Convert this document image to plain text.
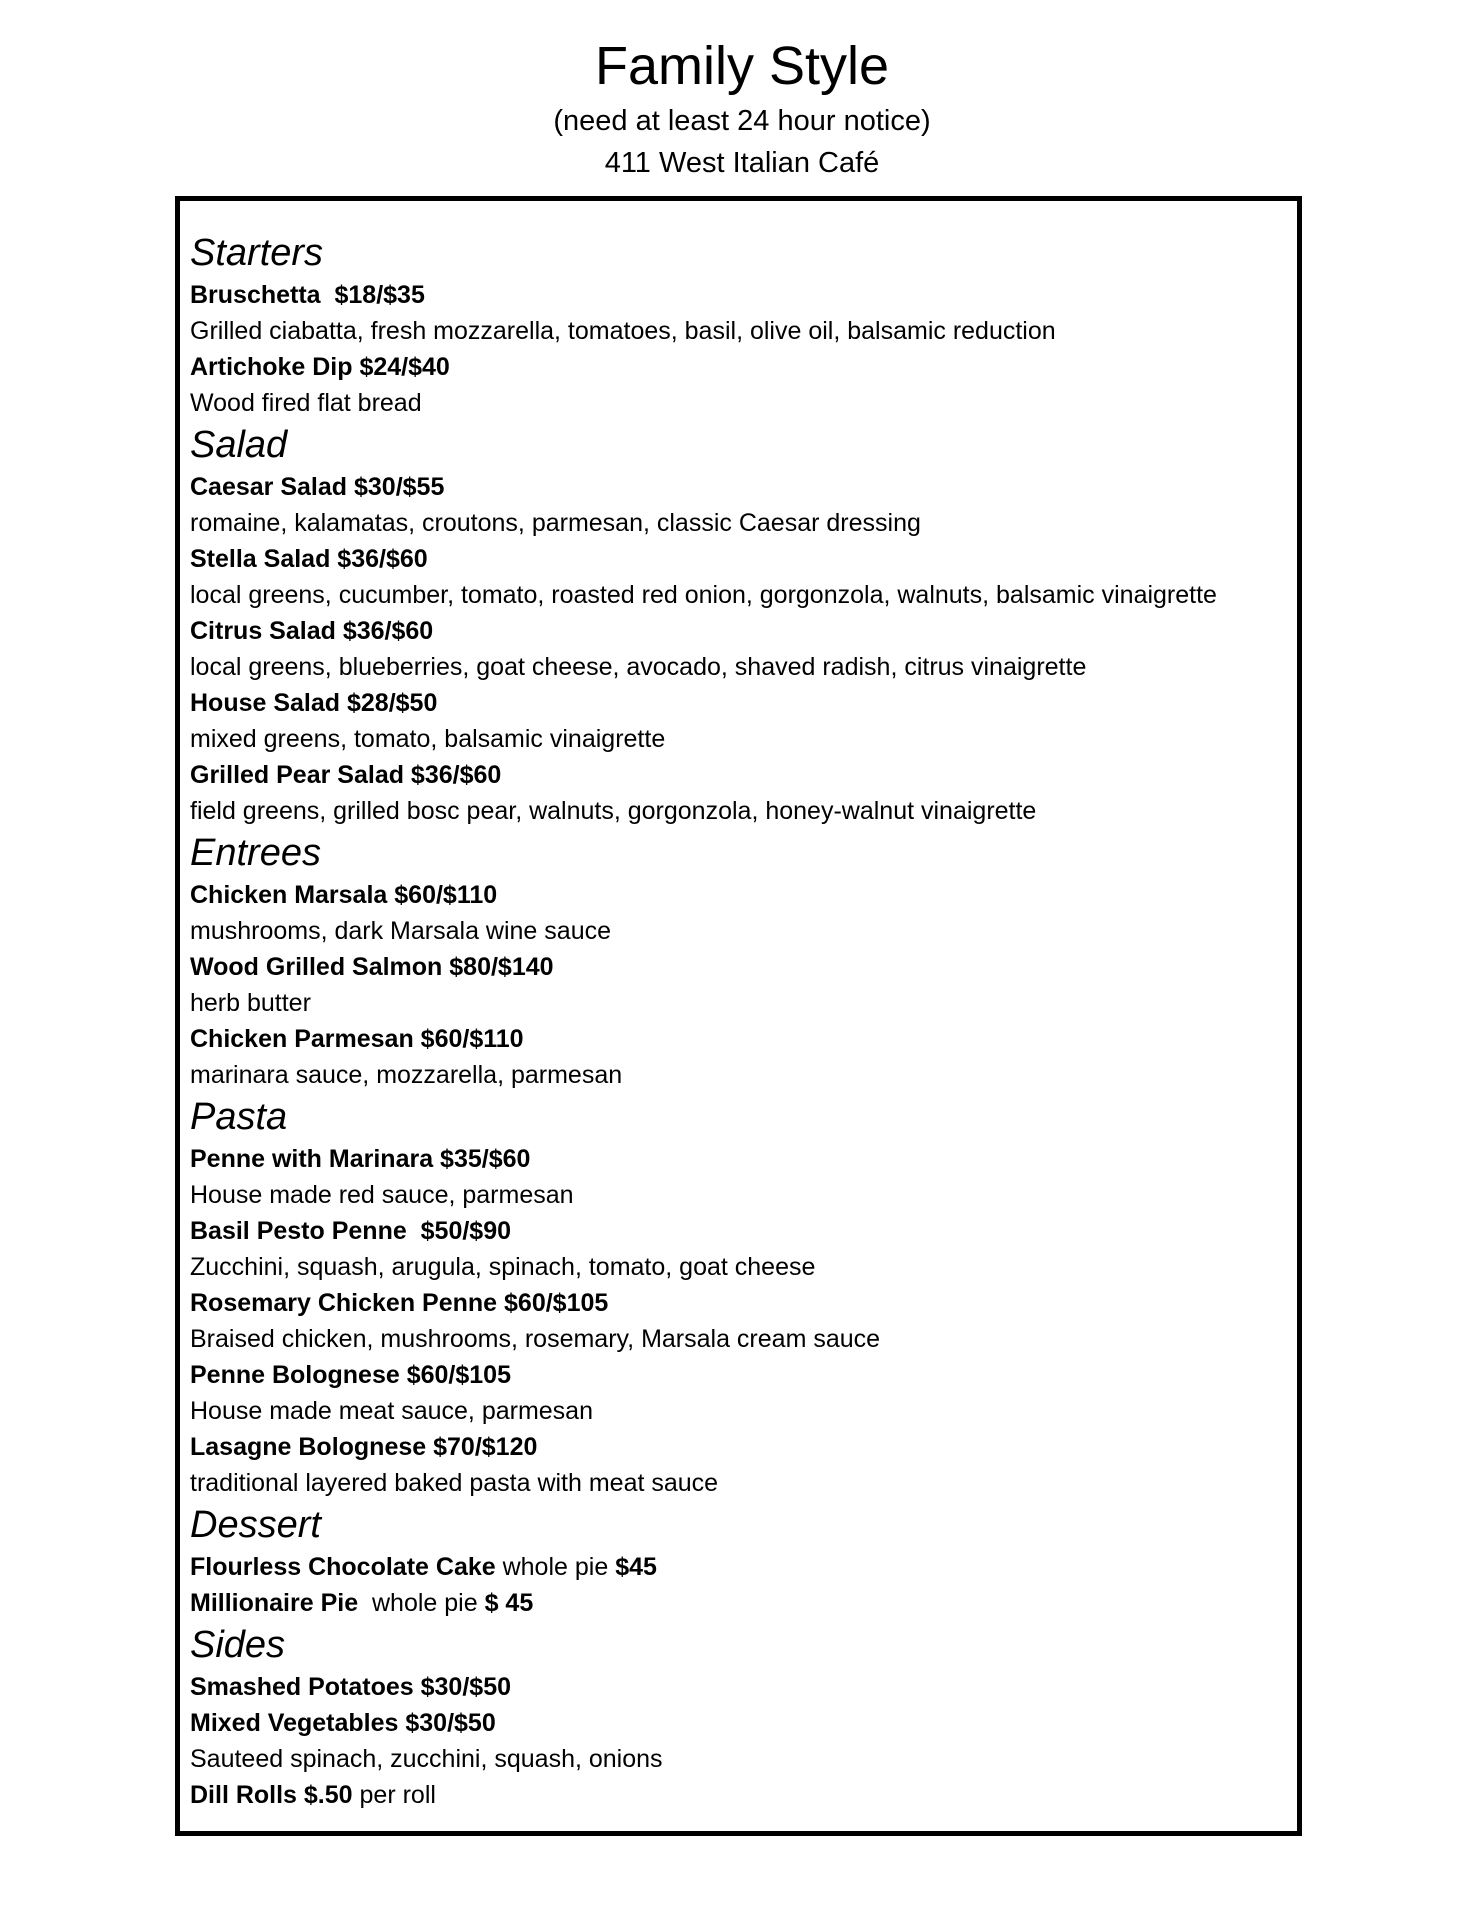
Family Style
(need at least 24 hour notice)
411 West Italian Café
Starters
Bruschetta  $18/$35
Grilled ciabatta, fresh mozzarella, tomatoes, basil, olive oil, balsamic reduction
Artichoke Dip $24/$40
Wood fired flat bread
Salad
Caesar Salad $30/$55
romaine, kalamatas, croutons, parmesan, classic Caesar dressing
Stella Salad $36/$60
local greens, cucumber, tomato, roasted red onion, gorgonzola, walnuts, balsamic vinaigrette
Citrus Salad $36/$60
local greens, blueberries, goat cheese, avocado, shaved radish, citrus vinaigrette
House Salad $28/$50
mixed greens, tomato, balsamic vinaigrette
Grilled Pear Salad $36/$60
field greens, grilled bosc pear, walnuts, gorgonzola, honey-walnut vinaigrette
Entrees
Chicken Marsala $60/$110
mushrooms, dark Marsala wine sauce
Wood Grilled Salmon $80/$140
herb butter
Chicken Parmesan $60/$110
marinara sauce, mozzarella, parmesan
Pasta
Penne with Marinara $35/$60
House made red sauce, parmesan
Basil Pesto Penne  $50/$90
Zucchini, squash, arugula, spinach, tomato, goat cheese
Rosemary Chicken Penne $60/$105
Braised chicken, mushrooms, rosemary, Marsala cream sauce
Penne Bolognese $60/$105
House made meat sauce, parmesan
Lasagne Bolognese $70/$120
traditional layered baked pasta with meat sauce
Dessert
Flourless Chocolate Cake whole pie $45
Millionaire Pie  whole pie $ 45
Sides
Smashed Potatoes $30/$50
Mixed Vegetables $30/$50
Sauteed spinach, zucchini, squash, onions
Dill Rolls $.50 per roll
